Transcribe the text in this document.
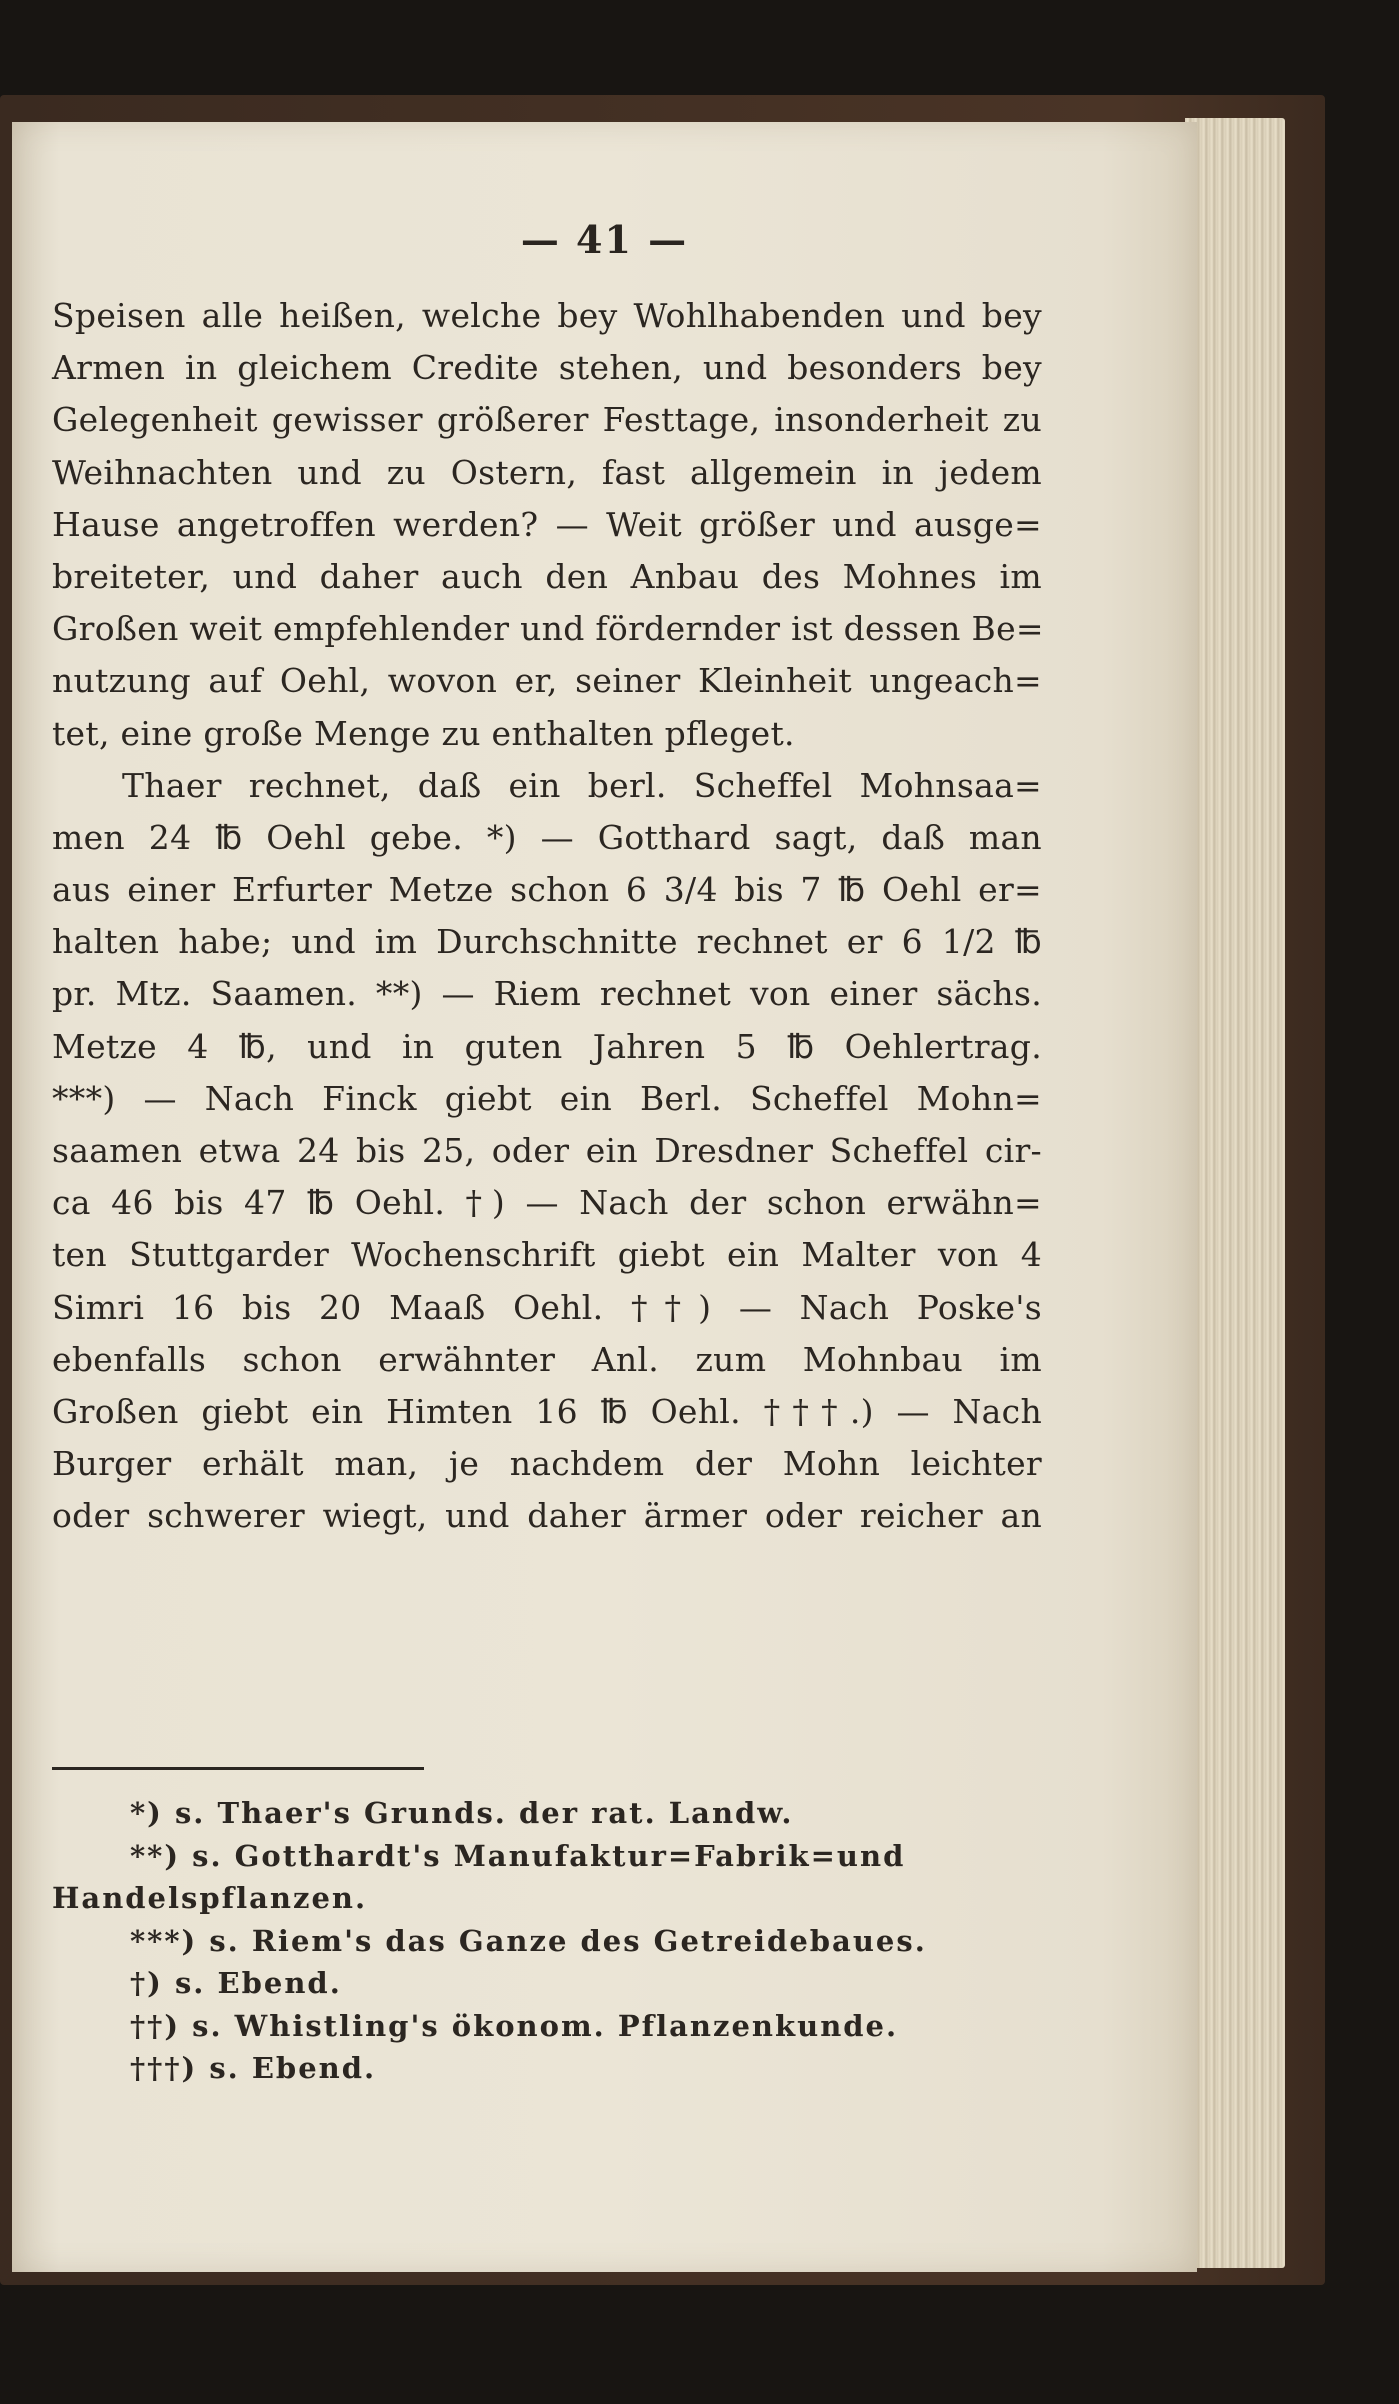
— 41 —
Speisen alle heißen, welche bey Wohlhabenden und bey
Armen in gleichem Credite stehen, und besonders bey
Gelegenheit gewisser größerer Festtage, insonderheit zu
Weihnachten und zu Ostern, fast allgemein in jedem
Hause angetroffen werden? — Weit größer und ausge=
breiteter, und daher auch den Anbau des Mohnes im
Großen weit empfehlender und fördernder ist dessen Be=
nutzung auf Oehl, wovon er, seiner Kleinheit ungeach=
tet, eine große Menge zu enthalten pfleget.
Thaer rechnet, daß ein berl. Scheffel Mohnsaa=
men 24 ℔ Oehl gebe. *) — Gotthard sagt, daß man
aus einer Erfurter Metze schon 6 3/4 bis 7 ℔ Oehl er=
halten habe; und im Durchschnitte rechnet er 6 1/2 ℔
pr. Mtz. Saamen. **) — Riem rechnet von einer sächs.
Metze 4 ℔, und in guten Jahren 5 ℔ Oehlertrag.
***) — Nach Finck giebt ein Berl. Scheffel Mohn=
saamen etwa 24 bis 25, oder ein Dresdner Scheffel cir-
ca 46 bis 47 ℔ Oehl. †) — Nach der schon erwähn=
ten Stuttgarder Wochenschrift giebt ein Malter von 4
Simri 16 bis 20 Maaß Oehl. ††) — Nach Poske's
ebenfalls schon erwähnter Anl. zum Mohnbau im
Großen giebt ein Himten 16 ℔ Oehl. †††.) — Nach
Burger erhält man, je nachdem der Mohn leichter
oder schwerer wiegt, und daher ärmer oder reicher an
*) s. Thaer's Grunds. der rat. Landw.
**) s. Gotthardt's Manufaktur=Fabrik=und
Handelspflanzen.
***) s. Riem's das Ganze des Getreidebaues.
†) s. Ebend.
††) s. Whistling's ökonom. Pflanzenkunde.
†††) s. Ebend.
